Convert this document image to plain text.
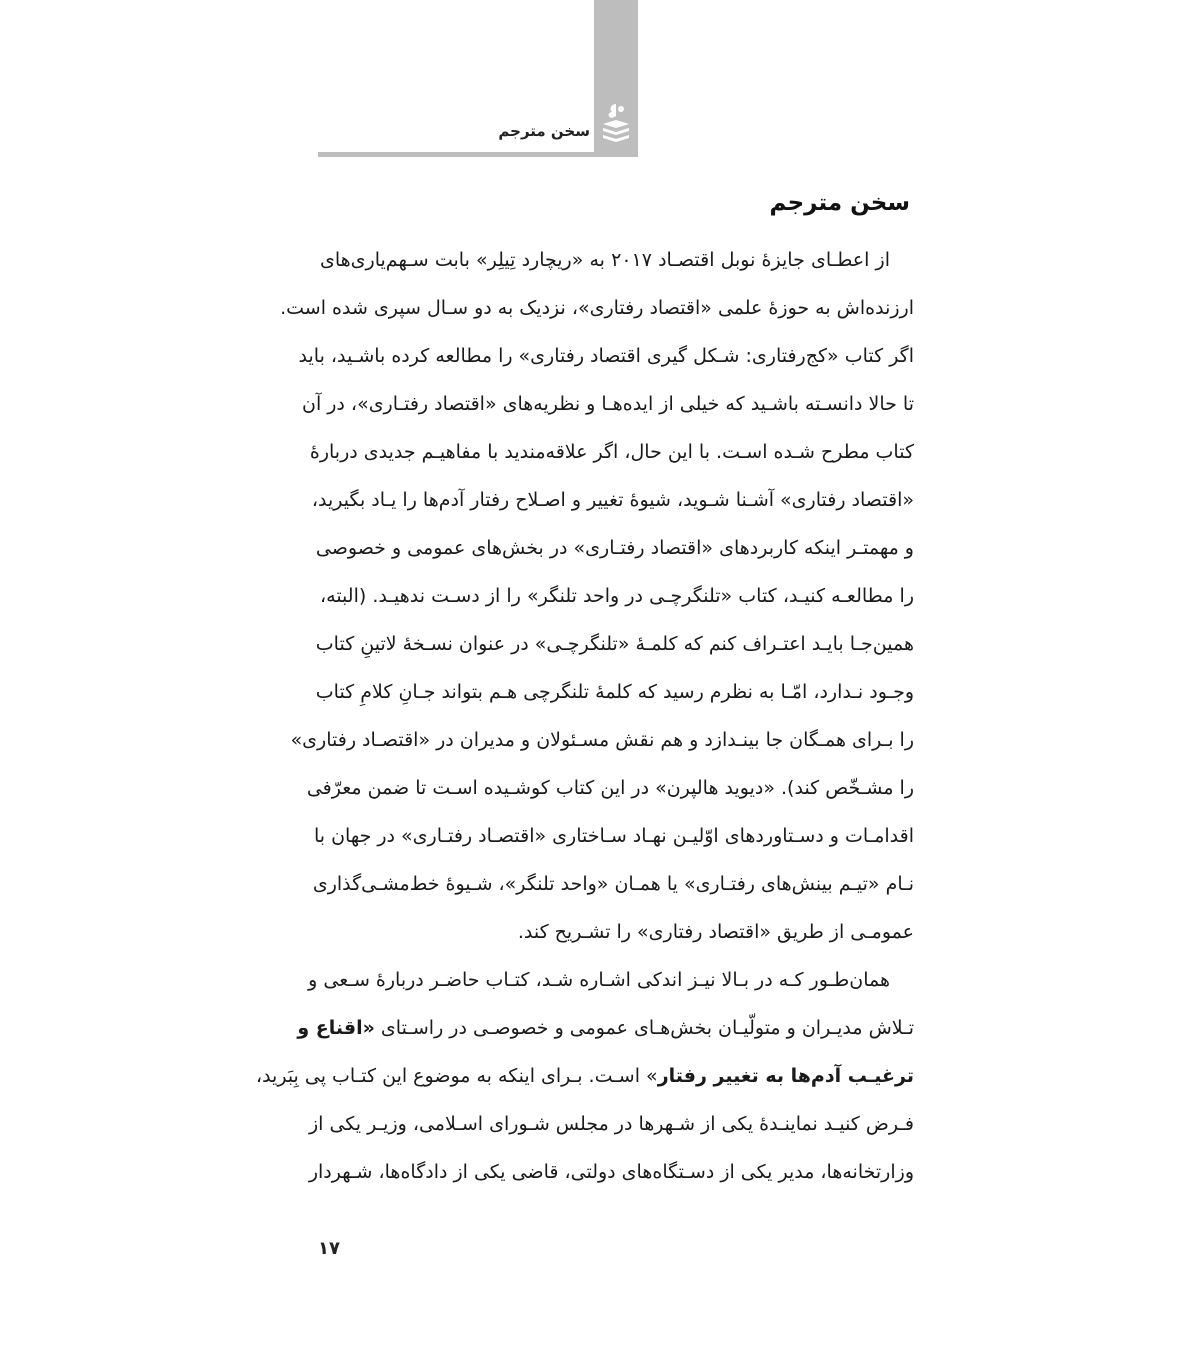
سخن مترجم
سخن مترجم
از اعطـای جایزۀ نوبل اقتصـاد ۲۰۱۷ به «ریچارد تِیلِر» بابت سـهم‌یاری‌های
ارزنده‌اش به حوزۀ علمی «اقتصاد رفتاری»، نزدیک به دو سـال سپری شده است.
اگر کتاب «کج‌رفتاری: شـکل گیری اقتصاد رفتاری» را مطالعه کرده باشـید، باید
تا حالا دانسـته باشـید که خیلی از ایده‌هـا و نظریه‌های «اقتصاد رفتـاری»، در آن
کتاب مطرح شـده اسـت. با این حال، اگر علاقه‌مندید با مفاهیـم جدیدی دربارۀ
«اقتصاد رفتاری» آشـنا شـوید، شیوۀ تغییر و اصـلاح رفتار آدم‌ها را یـاد بگیرید،
و مهمتـر اینکه کاربردهای «اقتصاد رفتـاری» در بخش‌های عمومی و خصوصی
را مطالعـه کنیـد، کتاب «تلنگرچـی در واحد تلنگر» را از دسـت ندهیـد. (البته،
همین‌جـا بایـد اعتـراف کنم که کلمـۀ «تلنگرچـی» در عنوان نسـخۀ لاتینِ کتاب
وجـود نـدارد، امّـا به نظرم رسید که کلمۀ تلنگرچی هـم بتواند جـانِ کلامِ کتاب
را بـرای همـگان جا بینـدازد و هم نقش مسـئولان و مدیران در «اقتصـاد رفتاری»
را مشـخّص کند). «دیوید هالپرن» در این کتاب کوشـیده اسـت تا ضمن معرّفی
اقدامـات و دسـتاوردهای اوّلیـن نهـاد سـاختاری «اقتصـاد رفتـاری» در جهان با
نـام «تیـم بینش‌های رفتـاری» یا همـان «واحد تلنگر»، شـیوۀ خط‌مشـی‌گذاری
عمومـی از طریق «اقتصاد رفتاری» را تشـریح کند.
همان‌طـور کـه در بـالا نیـز اندکی اشـاره شـد، کتـاب حاضـر دربارۀ سـعی و
تـلاش مدیـران و متولّیـان بخش‌هـای عمومی و خصوصـی در راسـتای «اقناع و
ترغیـب آدم‌ها به تغییر رفتار» اسـت. بـرای اینکه به موضوع این کتـاب پی بِبَرید،
فـرض کنیـد نماینـدۀ یکی از شـهرها در مجلس شـورای اسـلامی، وزیـر یکی از
وزارتخانه‌ها، مدیر یکی از دسـتگاه‌های دولتی، قاضی یکی از دادگاه‌ها، شـهردار
۱۷
